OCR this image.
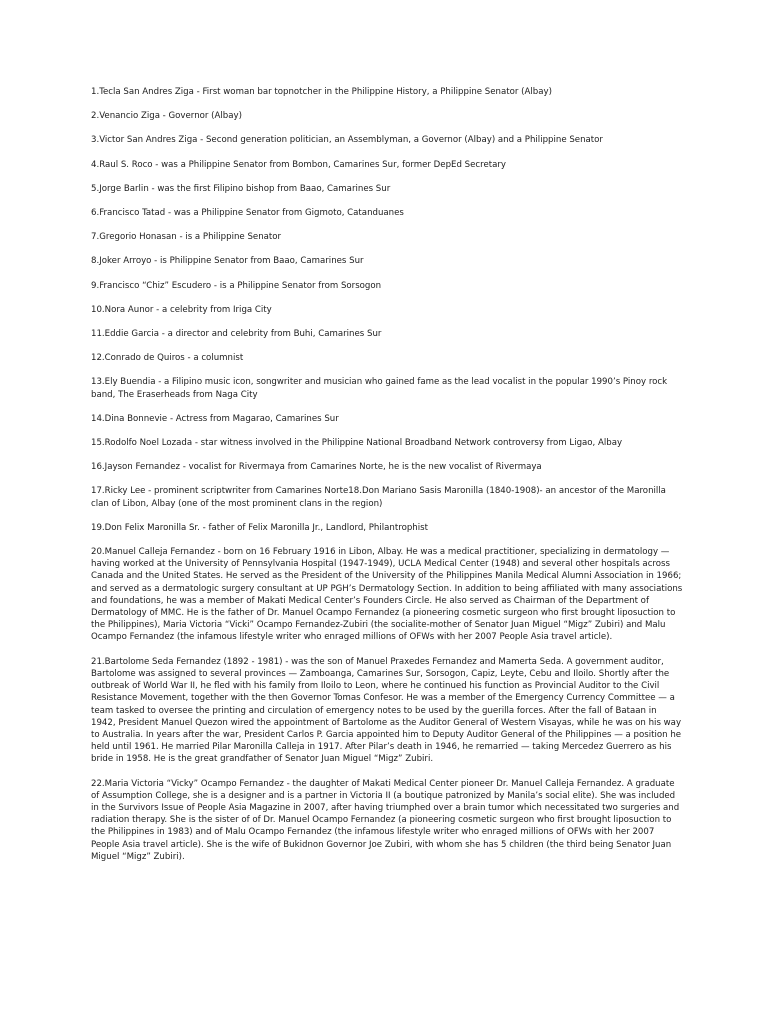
1.Tecla San Andres Ziga - First woman bar topnotcher in the Philippine History, a Philippine Senator (Albay)

2.Venancio Ziga - Governor (Albay)

3.Victor San Andres Ziga - Second generation politician, an Assemblyman, a Governor (Albay) and a Philippine Senator

4.Raul S. Roco - was a Philippine Senator from Bombon, Camarines Sur, former DepEd Secretary

5.Jorge Barlin - was the first Filipino bishop from Baao, Camarines Sur

6.Francisco Tatad - was a Philippine Senator from Gigmoto, Catanduanes

7.Gregorio Honasan - is a Philippine Senator

8.Joker Arroyo - is Philippine Senator from Baao, Camarines Sur

9.Francisco “Chiz” Escudero - is a Philippine Senator from Sorsogon

10.Nora Aunor - a celebrity from Iriga City

11.Eddie Garcia - a director and celebrity from Buhi, Camarines Sur

12.Conrado de Quiros - a columnist

13.Ely Buendia - a Filipino music icon, songwriter and musician who gained fame as the lead vocalist in the popular 1990’s Pinoy rock band, The Eraserheads from Naga City

14.Dina Bonnevie - Actress from Magarao, Camarines Sur

15.Rodolfo Noel Lozada - star witness involved in the Philippine National Broadband Network controversy from Ligao, Albay

16.Jayson Fernandez - vocalist for Rivermaya from Camarines Norte, he is the new vocalist of Rivermaya

17.Ricky Lee - prominent scriptwriter from Camarines Norte18.Don Mariano Sasis Maronilla (1840-1908)- an ancestor of the Maronilla clan of Libon, Albay (one of the most prominent clans in the region)

19.Don Felix Maronilla Sr. - father of Felix Maronilla Jr., Landlord, Philantrophist

20.Manuel Calleja Fernandez - born on 16 February 1916 in Libon, Albay. He was a medical practitioner, specializing in dermatology — having worked at the University of Pennsylvania Hospital (1947-1949), UCLA Medical Center (1948) and several other hospitals across Canada and the United States. He served as the President of the University of the Philippines Manila Medical Alumni Association in 1966; and served as a dermatologic surgery consultant at UP PGH’s Dermatology Section. In addition to being affiliated with many associations and foundations, he was a member of Makati Medical Center’s Founders Circle. He also served as Chairman of the Department of Dermatology of MMC. He is the father of Dr. Manuel Ocampo Fernandez (a pioneering cosmetic surgeon who first brought liposuction to the Philippines), Maria Victoria “Vicki” Ocampo Fernandez-Zubiri (the socialite-mother of Senator Juan Miguel “Migz” Zubiri) and Malu Ocampo Fernandez (the infamous lifestyle writer who enraged millions of OFWs with her 2007 People Asia travel article).

21.Bartolome Seda Fernandez (1892 - 1981) - was the son of Manuel Praxedes Fernandez and Mamerta Seda. A government auditor, Bartolome was assigned to several provinces — Zamboanga, Camarines Sur, Sorsogon, Capiz, Leyte, Cebu and Iloilo. Shortly after the outbreak of World War II, he fled with his family from Iloilo to Leon, where he continued his function as Provincial Auditor to the Civil Resistance Movement, together with the then Governor Tomas Confesor. He was a member of the Emergency Currency Committee — a team tasked to oversee the printing and circulation of emergency notes to be used by the guerilla forces. After the fall of Bataan in 1942, President Manuel Quezon wired the appointment of Bartolome as the Auditor General of Western Visayas, while he was on his way to Australia. In years after the war, President Carlos P. Garcia appointed him to Deputy Auditor General of the Philippines — a position he held until 1961. He married Pilar Maronilla Calleja in 1917. After Pilar’s death in 1946, he remarried — taking Mercedez Guerrero as his bride in 1958. He is the great grandfather of Senator Juan Miguel “Migz” Zubiri.

22.Maria Victoria “Vicky” Ocampo Fernandez - the daughter of Makati Medical Center pioneer Dr. Manuel Calleja Fernandez. A graduate of Assumption College, she is a designer and is a partner in Victoria II (a boutique patronized by Manila’s social elite). She was included in the Survivors Issue of People Asia Magazine in 2007, after having triumphed over a brain tumor which necessitated two surgeries and radiation therapy. She is the sister of of Dr. Manuel Ocampo Fernandez (a pioneering cosmetic surgeon who first brought liposuction to the Philippines in 1983) and of Malu Ocampo Fernandez (the infamous lifestyle writer who enraged millions of OFWs with her 2007 People Asia travel article). She is the wife of Bukidnon Governor Joe Zubiri, with whom she has 5 children (the third being Senator Juan Miguel “Migz” Zubiri).
